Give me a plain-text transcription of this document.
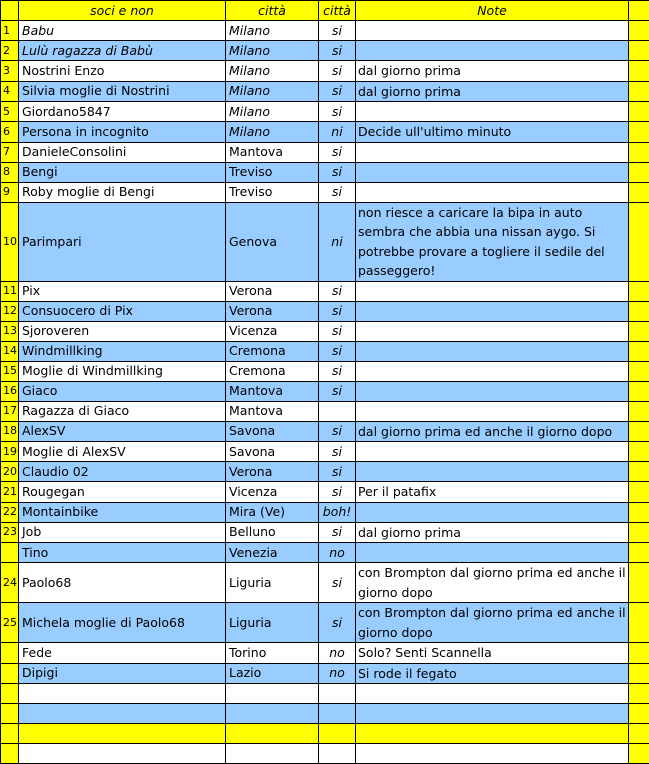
	soci e non	città	città	Note	
1	Babu	Milano	si		
2	Lulù ragazza di Babù	Milano	si		
3	Nostrini Enzo	Milano	si	dal giorno prima	
4	Silvia moglie di Nostrini	Milano	si	dal giorno prima	
5	Giordano5847	Milano	si		
6	Persona in incognito	Milano	ni	Decide ull'ultimo minuto	
7	DanieleConsolini	Mantova	si		
8	Bengi	Treviso	si		
9	Roby moglie di Bengi	Treviso	si		
10	Parimpari	Genova	ni	non riesce a caricare la bipa in auto sembra che abbia una nissan aygo. Si potrebbe provare a togliere il sedile del passeggero!	
11	Pix	Verona	si		
12	Consuocero di Pix	Verona	si		
13	Sjoroveren	Vicenza	si		
14	Windmillking	Cremona	si		
15	Moglie di Windmillking	Cremona	si		
16	Giaco	Mantova	si		
17	Ragazza di Giaco	Mantova			
18	AlexSV	Savona	si	dal giorno prima ed anche il giorno dopo	
19	Moglie di AlexSV	Savona	si		
20	Claudio 02	Verona	si		
21	Rougegan	Vicenza	si	Per il patafix	
22	Montainbike	Mira (Ve)	boh!		
23	Job	Belluno	si	dal giorno prima	
	Tino	Venezia	no		
24	Paolo68	Liguria	si	con Brompton dal giorno prima ed anche il giorno dopo	
25	Michela moglie di Paolo68	Liguria	si	con Brompton dal giorno prima ed anche il giorno dopo	
	Fede	Torino	no	Solo? Senti Scannella	
	Dipigi	Lazio	no	Si rode il fegato	
